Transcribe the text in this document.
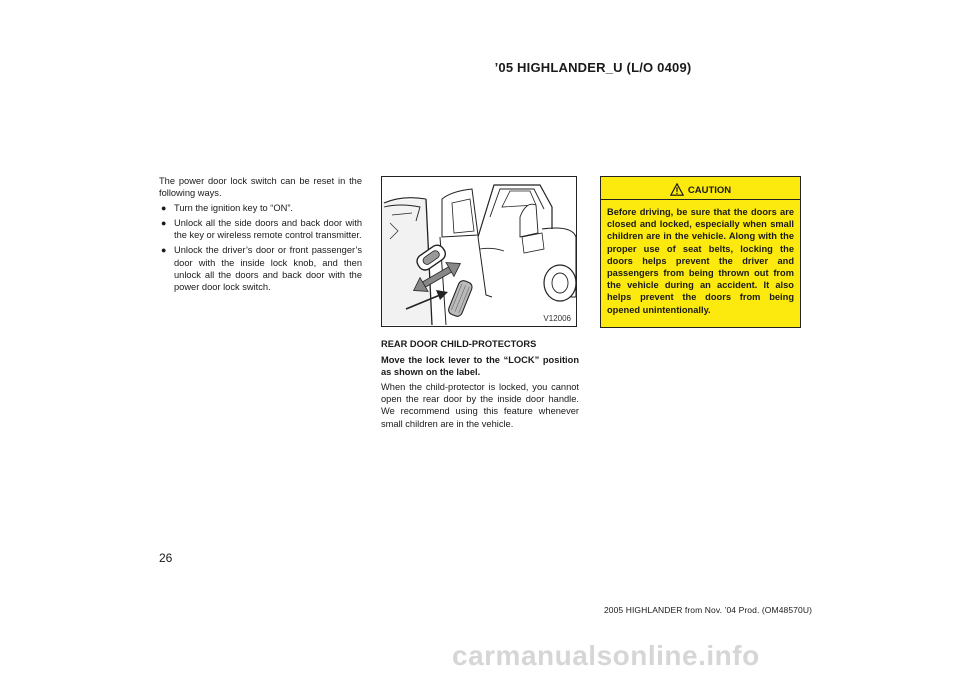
’05 HIGHLANDER_U (L/O 0409)

The power door lock switch can be reset in the following ways.

● Turn the ignition key to “ON”.
● Unlock all the side doors and back door with the key or wireless remote control transmitter.
● Unlock the driver’s door or front passenger’s door with the inside lock knob, and then unlock all the doors and back door with the power door lock switch.
V12006

REAR DOOR CHILD-PROTECTORS

Move the lock lever to the “LOCK” position as shown on the label.

When the child-protector is locked, you cannot open the rear door by the inside door handle. We recommend using this feature whenever small children are in the vehicle.

CAUTION

Before driving, be sure that the doors are closed and locked, especially when small children are in the vehicle. Along with the proper use of seat belts, locking the doors helps prevent the driver and passengers from being thrown out from the vehicle during an accident. It also helps prevent the doors from being opened unintentionally.

26
2005 HIGHLANDER from Nov. ’04 Prod. (OM48570U)
carmanualsonline.info
